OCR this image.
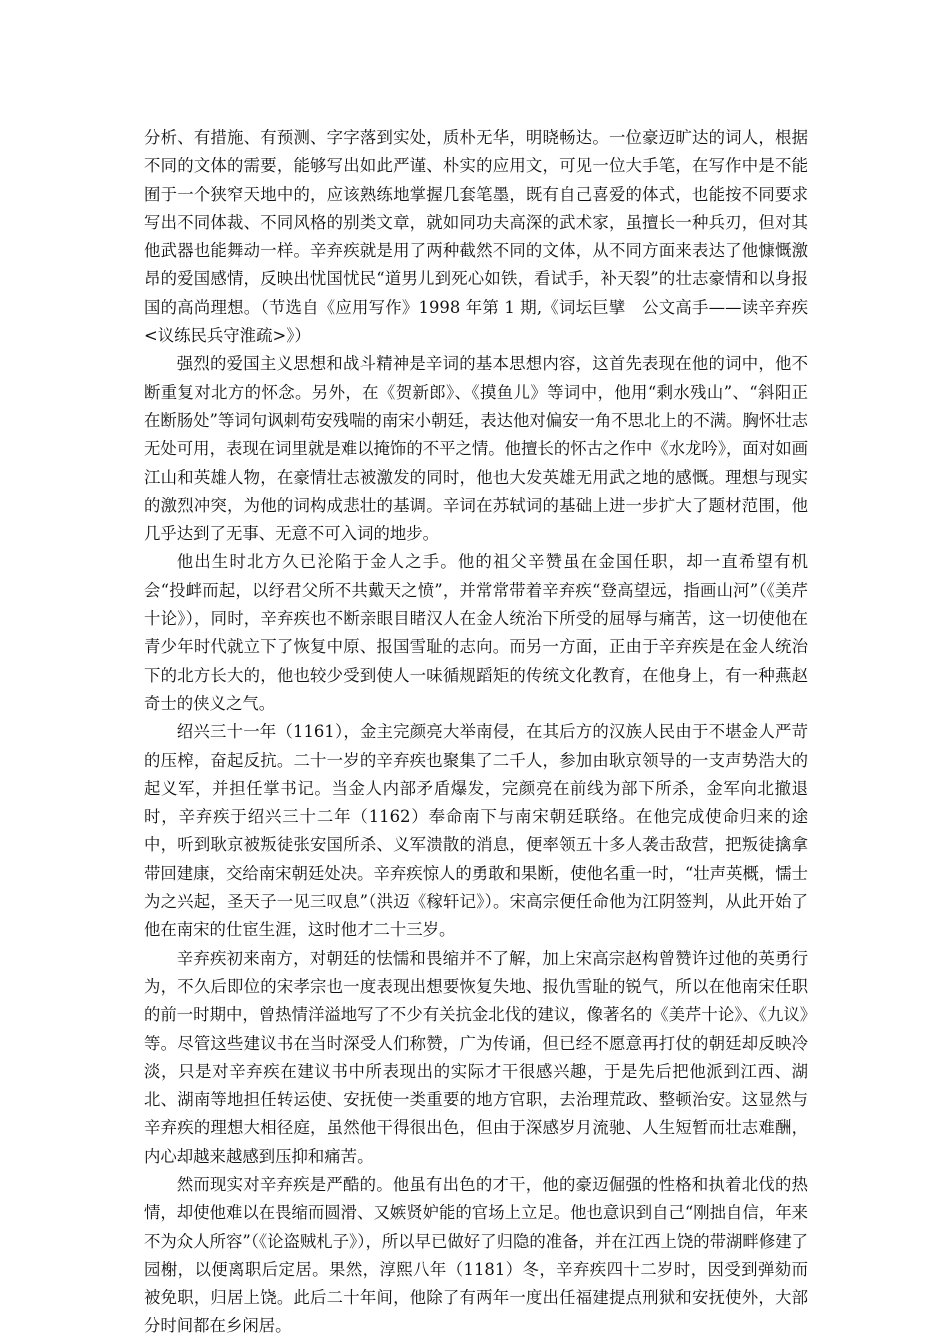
分析、有措施、有预测、字字落到实处，质朴无华，明晓畅达。一位豪迈旷达的词人，根据不同的文体的需要，能够写出如此严谨、朴实的应用文，可见一位大手笔，在写作中是不能囿于一个狭窄天地中的，应该熟练地掌握几套笔墨，既有自己喜爱的体式，也能按不同要求写出不同体裁、不同风格的别类文章，就如同功夫高深的武术家，虽擅长一种兵刃，但对其他武器也能舞动一样。辛弃疾就是用了两种截然不同的文体，从不同方面来表达了他慷慨激昂的爱国感情，反映出忧国忧民“道男儿到死心如铁，看试手，补天裂”的壮志豪情和以身报国的高尚理想。（节选自《应用写作》1998 年第 1 期,《词坛巨擘　公文高手——读辛弃疾<议练民兵守淮疏>》）

强烈的爱国主义思想和战斗精神是辛词的基本思想内容，这首先表现在他的词中，他不断重复对北方的怀念。另外，在《贺新郎》、《摸鱼儿》等词中，他用“剩水残山”、“斜阳正在断肠处”等词句讽刺苟安残喘的南宋小朝廷，表达他对偏安一角不思北上的不满。胸怀壮志无处可用，表现在词里就是难以掩饰的不平之情。他擅长的怀古之作中《水龙吟》，面对如画江山和英雄人物，在豪情壮志被激发的同时，他也大发英雄无用武之地的感慨。理想与现实的激烈冲突，为他的词构成悲壮的基调。辛词在苏轼词的基础上进一步扩大了题材范围，他几乎达到了无事、无意不可入词的地步。

他出生时北方久已沦陷于金人之手。他的祖父辛赞虽在金国任职，却一直希望有机会“投衅而起，以纾君父所不共戴天之愤”，并常常带着辛弃疾“登高望远，指画山河”（《美芹十论》），同时，辛弃疾也不断亲眼目睹汉人在金人统治下所受的屈辱与痛苦，这一切使他在青少年时代就立下了恢复中原、报国雪耻的志向。而另一方面，正由于辛弃疾是在金人统治下的北方长大的，他也较少受到使人一味循规蹈矩的传统文化教育，在他身上，有一种燕赵奇士的侠义之气。

绍兴三十一年（1161），金主完颜亮大举南侵，在其后方的汉族人民由于不堪金人严苛的压榨，奋起反抗。二十一岁的辛弃疾也聚集了二千人，参加由耿京领导的一支声势浩大的起义军，并担任掌书记。当金人内部矛盾爆发，完颜亮在前线为部下所杀，金军向北撤退时，辛弃疾于绍兴三十二年（1162）奉命南下与南宋朝廷联络。在他完成使命归来的途中，听到耿京被叛徒张安国所杀、义军溃散的消息，便率领五十多人袭击敌营，把叛徒擒拿带回建康，交给南宋朝廷处决。辛弃疾惊人的勇敢和果断，使他名重一时，“壮声英概，懦士为之兴起，圣天子一见三叹息”（洪迈《稼轩记》）。宋高宗便任命他为江阴签判，从此开始了他在南宋的仕宦生涯，这时他才二十三岁。

辛弃疾初来南方，对朝廷的怯懦和畏缩并不了解，加上宋高宗赵构曾赞许过他的英勇行为，不久后即位的宋孝宗也一度表现出想要恢复失地、报仇雪耻的锐气，所以在他南宋任职的前一时期中，曾热情洋溢地写了不少有关抗金北伐的建议，像著名的《美芹十论》、《九议》等。尽管这些建议书在当时深受人们称赞，广为传诵，但已经不愿意再打仗的朝廷却反映冷淡，只是对辛弃疾在建议书中所表现出的实际才干很感兴趣，于是先后把他派到江西、湖北、湖南等地担任转运使、安抚使一类重要的地方官职，去治理荒政、整顿治安。这显然与辛弃疾的理想大相径庭，虽然他干得很出色，但由于深感岁月流驰、人生短暂而壮志难酬，内心却越来越感到压抑和痛苦。

然而现实对辛弃疾是严酷的。他虽有出色的才干，他的豪迈倔强的性格和执着北伐的热情，却使他难以在畏缩而圆滑、又嫉贤妒能的官场上立足。他也意识到自己“刚拙自信，年来不为众人所容”（《论盗贼札子》），所以早已做好了归隐的准备，并在江西上饶的带湖畔修建了园榭，以便离职后定居。果然，淳熙八年（1181）冬，辛弃疾四十二岁时，因受到弹劾而被免职，归居上饶。此后二十年间，他除了有两年一度出任福建提点刑狱和安抚使外，大部分时间都在乡闲居。
